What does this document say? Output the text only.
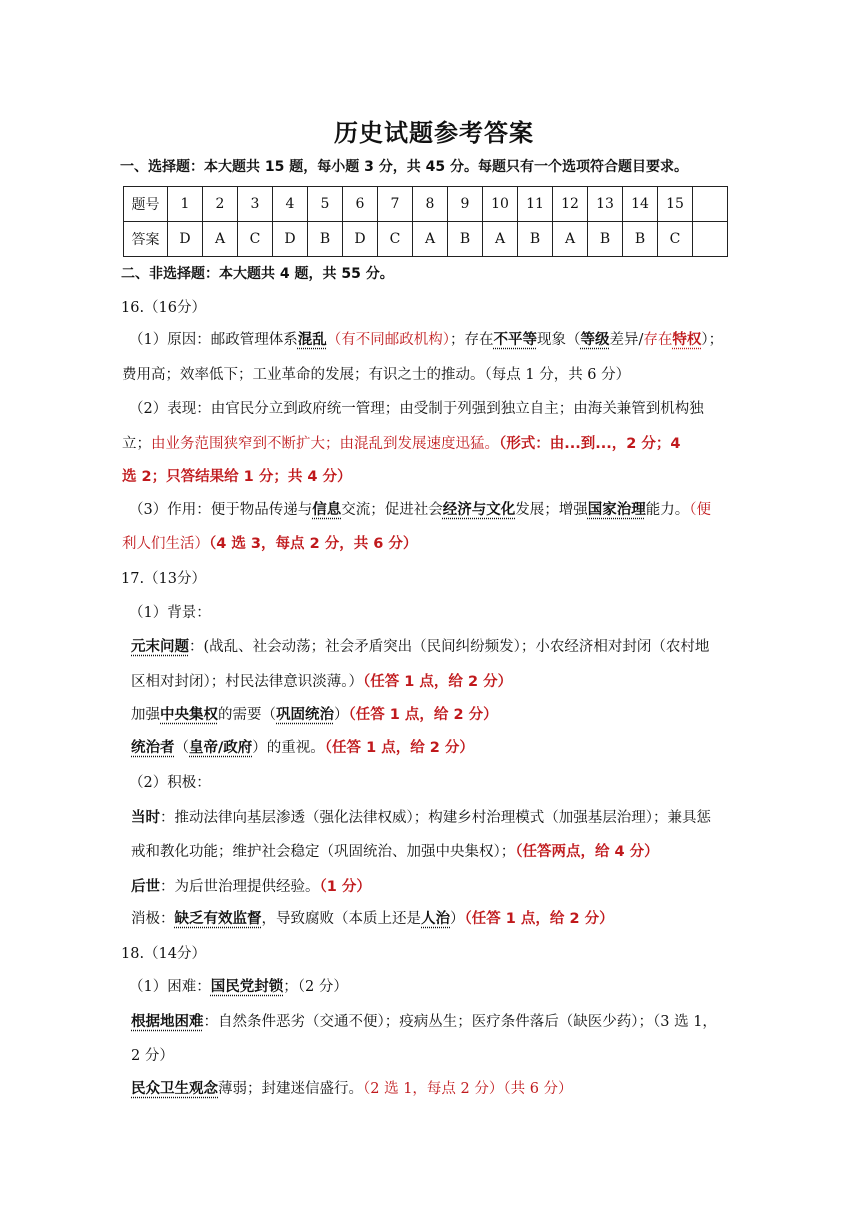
历史试题参考答案
一、选择题：本大题共 15 题，每小题 3 分，共 45 分。每题只有一个选项符合题目要求。
题号	1	2	3	4	5	6	7	8	9	10	11	12	13	14	15	
答案	D	A	C	D	B	D	C	A	B	A	B	A	B	B	C	
二、非选择题：本大题共 4 题，共 55 分。
16.（16分）
（1）原因：邮政管理体系混乱（有不同邮政机构）；存在不平等现象（等级差异/存在特权）；
费用高；效率低下；工业革命的发展；有识之士的推动。（每点 1 分，共 6 分）
（2）表现：由官民分立到政府统一管理；由受制于列强到独立自主；由海关兼管到机构独
立；由业务范围狭窄到不断扩大；由混乱到发展速度迅猛。（形式：由...到...，2 分；4
选 2；只答结果给 1 分；共 4 分）
（3）作用：便于物品传递与信息交流；促进社会经济与文化发展；增强国家治理能力。（便
利人们生活）（4 选 3，每点 2 分，共 6 分）
17.（13分）
（1）背景：
元末问题：(战乱、社会动荡；社会矛盾突出（民间纠纷频发）；小农经济相对封闭（农村地
区相对封闭）；村民法律意识淡薄。）（任答 1 点，给 2 分）
加强中央集权的需要（巩固统治）（任答 1 点，给 2 分）
统治者（皇帝/政府）的重视。（任答 1 点，给 2 分）
（2）积极：
当时：推动法律向基层渗透（强化法律权威）；构建乡村治理模式（加强基层治理）；兼具惩
戒和教化功能；维护社会稳定（巩固统治、加强中央集权）；（任答两点，给 4 分）
后世：为后世治理提供经验。（1 分）
消极：缺乏有效监督，导致腐败（本质上还是人治）（任答 1 点，给 2 分）
18.（14分）
（1）困难：国民党封锁；（2 分）
根据地困难：自然条件恶劣（交通不便）；疫病丛生；医疗条件落后（缺医少药）；（3 选 1，
2 分）
民众卫生观念薄弱；封建迷信盛行。（2 选 1，每点 2 分）（共 6 分）
